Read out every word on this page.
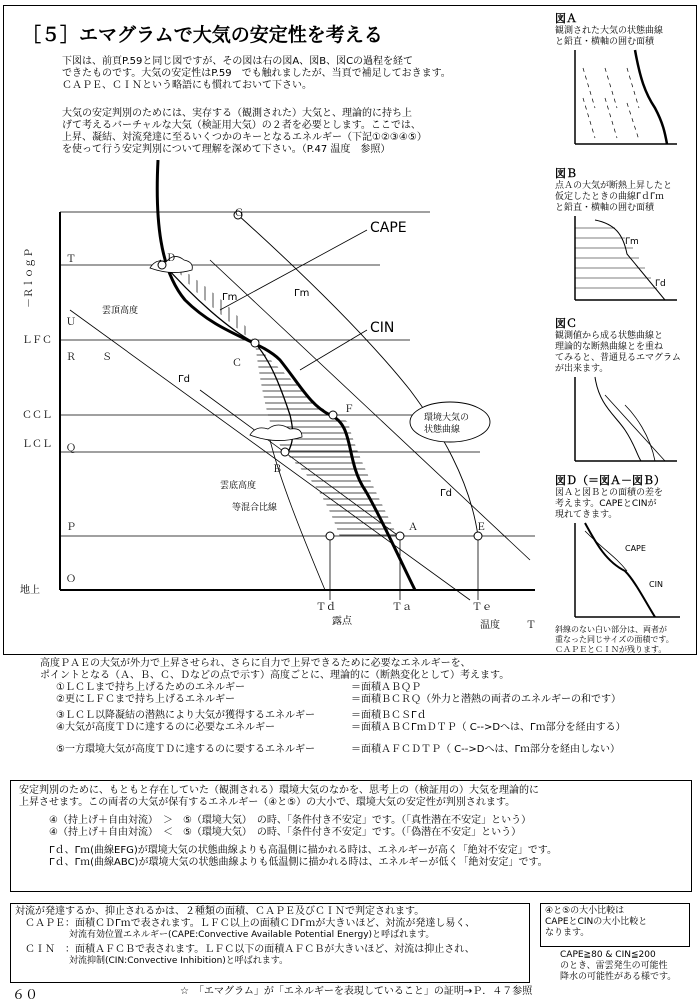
［５］エマグラムで大気の安定性を考える
下図は、前頁P.59と同じ図ですが、その図は右の図A、図B、図Cの過程を経て
できたものです。大気の安定性はP.59　でも触れましたが、当頁で補足しておきます。
ＣＡＰＥ、ＣＩＮという略語にも慣れておいて下さい。
大気の安定判別のためには、実存する（観測された）大気と、理論的に持ち上
げて考えるバーチャルな大気（検証用大気）の２者を必要とします。ここでは、
上昇、凝結、対流発達に至るいくつかのキーとなるエネルギー（下記①②③④⑤）
を使って行う安定判別について理解を深めて下さい。（P.47 温度　参照）
－ＲｌｏｇＰ	Ｔ
Ｕ
ＬＦＣ
Ｒ	Ｓ
ＣＣＬ
ＬＣＬ Ｑ
Ｐ
Ｏ
地上
Ｇ
Ｄ
Ｃ
Ｆ
Ｂ
Ａ	Ｅ
Ｔｄ
露点
Ｔａ	Ｔｅ
温度	Ｔ
CAPE
CIN
Γm	Γm
Γd
Γd
雲頂高度
雲底高度
等混合比線
環境大気の
状態曲線
図Ａ
観測された大気の状態曲線
と鉛直・横軸の囲む面積
図Ｂ
点Ａの大気が断熱上昇したと
仮定したときの曲線ΓｄΓｍ
と鉛直・横軸の囲む面積
Γm
Γd
図Ｃ
観測値から成る状態曲線と
理論的な断熱曲線とを重ね
てみると、普通見るエマグラム
が出来ます。
図Ｄ（＝図Ａ－図Ｂ）
図Ａと図Ｂとの面積の差を
考えます。CAPEとCINが
現れてきます。
CAPE
CIN
斜線のない白い部分は、両者が
重なった同じサイズの面積です。
ＣＡＰＥとＣＩＮが残ります。
高度ＰＡＥの大気が外力で上昇させられ、さらに自力で上昇できるために必要なエネルギーを、
ポイントとなる（Ａ、Ｂ、Ｃ、Ｄなどの点で示す）高度ごとに、理論的に（断熱変化として）考えます。
①ＬＣＬまで持ち上げるためのエネルギー	＝面積ＡＢＱＰ
②更にＬＦＣまで持ち上げるエネルギー	＝面積ＢＣＲＱ（外力と潜熱の両者のエネルギーの和です）
③ＬＣＬ以降凝結の潜熱により大気が獲得するエネルギー	＝面積ＢＣＳΓｄ
④大気が高度ＴＤに達するのに必要なエネルギー	＝面積ＡＢＣΓｍＤＴＰ（ C-->Dへは、Γｍ部分を経由する）
⑤一方環境大気が高度ＴＤに達するのに要するエネルギー	＝面積ＡＦＣＤＴＰ（ C-->Dへは、Γｍ部分を経由しない）
安定判別のために、もともと存在していた（観測される）環境大気のなかを、思考上の（検証用の）大気を理論的に
上昇させます。この両者の大気が保有するエネルギー（④と⑤）の大小で、環境大気の安定性が判別されます。
④（持上げ＋自由対流）　＞　⑤（環境大気）　の時、「条件付き不安定」です。（「真性潜在不安定」という）
④（持上げ＋自由対流）　＜　⑤（環境大気）　の時、「条件付き不安定」です。（「偽潜在不安定」という）
Γｄ、Γｍ(曲線EFG)が環境大気の状態曲線よりも高温側に描かれる時は、エネルギーが高く「絶対不安定」です。
Γｄ、Γｍ(曲線ABC)が環境大気の状態曲線よりも低温側に描かれる時は、エネルギーが低く「絶対安定」です。
対流が発達するか、抑止されるかは、２種類の面積、ＣＡＰＥ及びＣＩＮで判定されます。
　ＣＡＰＥ：面積ＣＤΓｍで表されます。ＬＦＣ以上の面積ＣＤΓｍが大きいほど、対流が発達し易く、
　　　　　　対流有効位置エネルギー(CAPE:Convective Available Potential Energy)と呼ばれます。
　ＣＩＮ　：面積ＡＦＣＢで表されます。ＬＦＣ以下の面積ＡＦＣＢが大きいほど、対流は抑止され、
　　　　　　対流抑制(CIN:Convective Inhibition)と呼ばれます。
④と⑤の大小比較は
CAPEとCINの大小比較と
なります。
CAPE≧80 & CIN≦200
のとき、雷雲発生の可能性
降水の可能性がある様です。
６０	☆　「エマグラム」が「エネルギーを表現していること」の証明→Ｐ．４７参照
